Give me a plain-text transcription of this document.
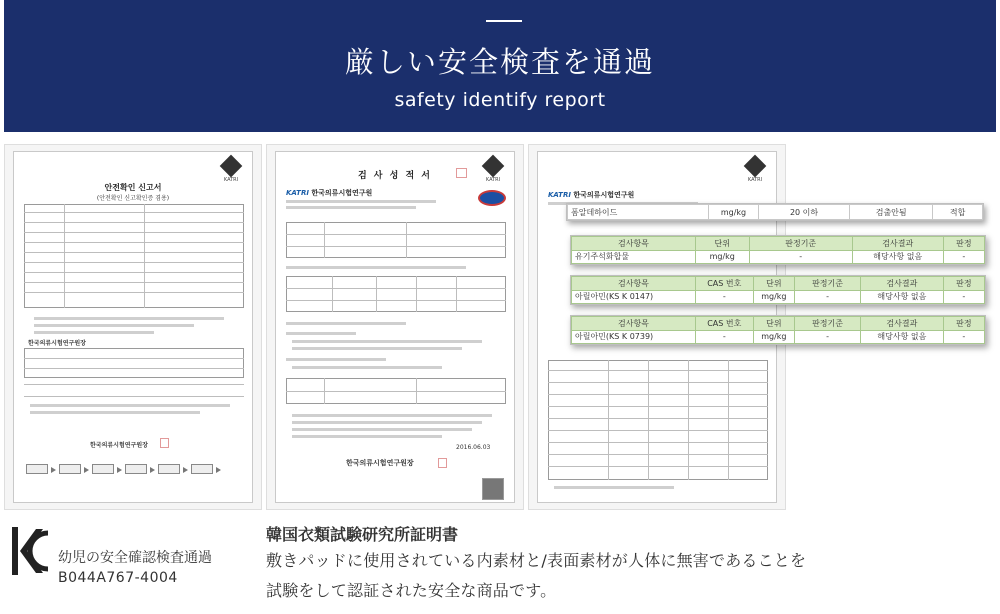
厳しい安全検査を通過
safety identify report
KATRI
안전확인 신고서
(안전확인 신고확인증 겸용)
한국의류시험연구원장
한국의류시험연구원장

KATRI
검 사 성 적 서

KATRI 한국의류시험연구원
2016.06.03
한국의류시험연구원장

KATRI
KATRI 한국의류시험연구원
폼알데하이드	mg/kg	20 이하	검출안됨	적합
검사항목	단위	판정기준	검사결과	판정
유기주석화합물	mg/kg	-	해당사항 없음	-
검사항목	CAS 번호	단위	판정기준	검사결과	판정
아릴아민(KS K 0147)	-	mg/kg	-	해당사항 없음	-
검사항목	CAS 번호	단위	판정기준	검사결과	판정
아릴아민(KS K 0739)	-	mg/kg	-	해당사항 없음	-
幼児の安全確認検査通過
B044A767-4004
韓国衣類試験研究所証明書
敷きパッドに使用されている内素材と/表面素材が人体に無害であることを
試験をして認証された安全な商品です。
